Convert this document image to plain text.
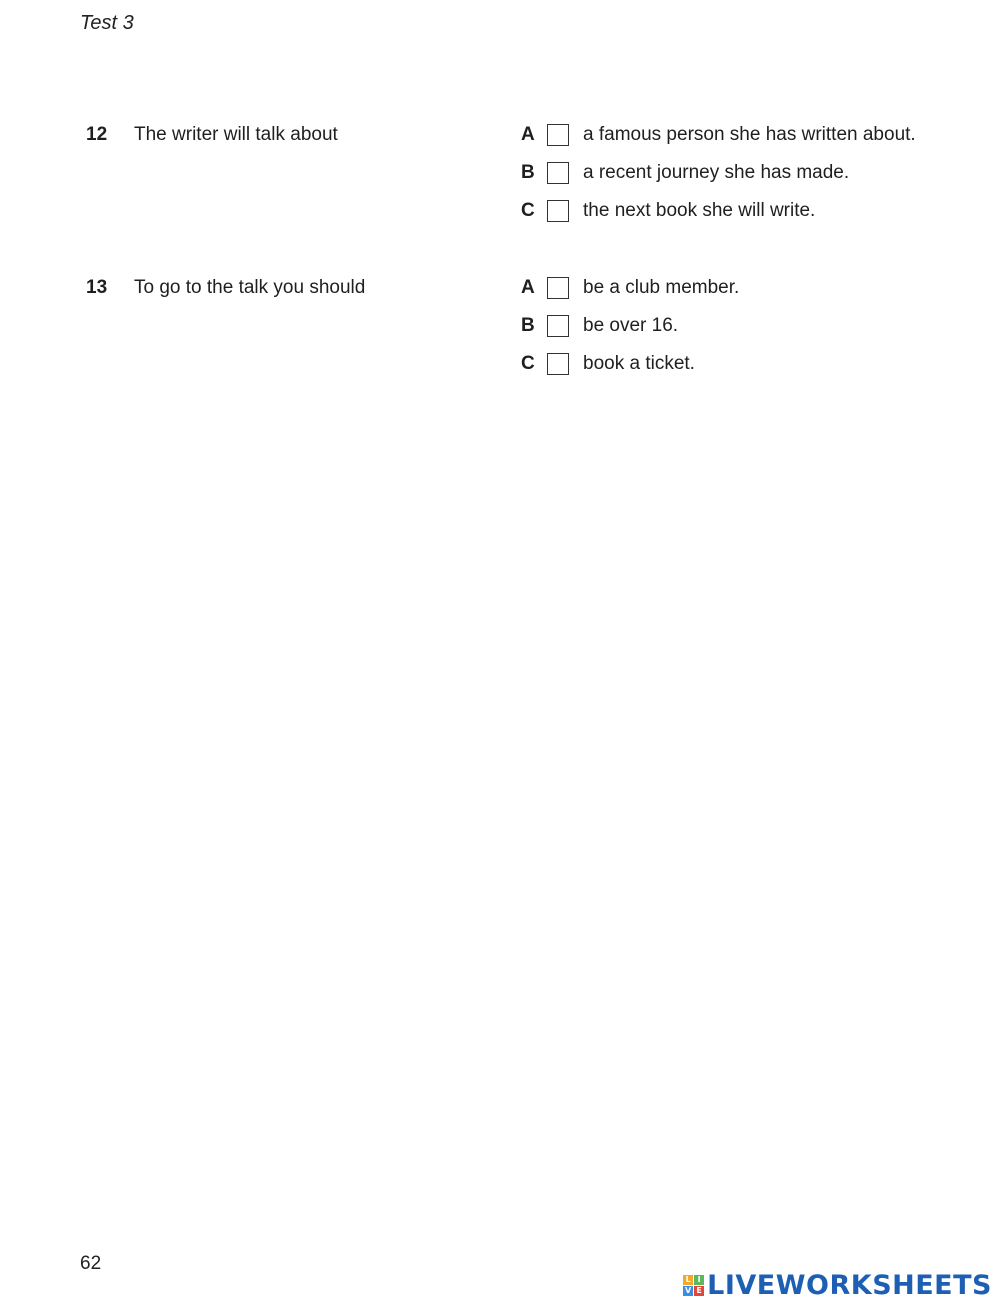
Test 3
12 The writer will talk about	A	a famous person she has written about.
B	a recent journey she has made.
C	the next book she will write.
13 To go to the talk you should	A	be a club member.
B	be over 16.
C	book a ticket.
62
L I
V E LIVEWORKSHEETS
